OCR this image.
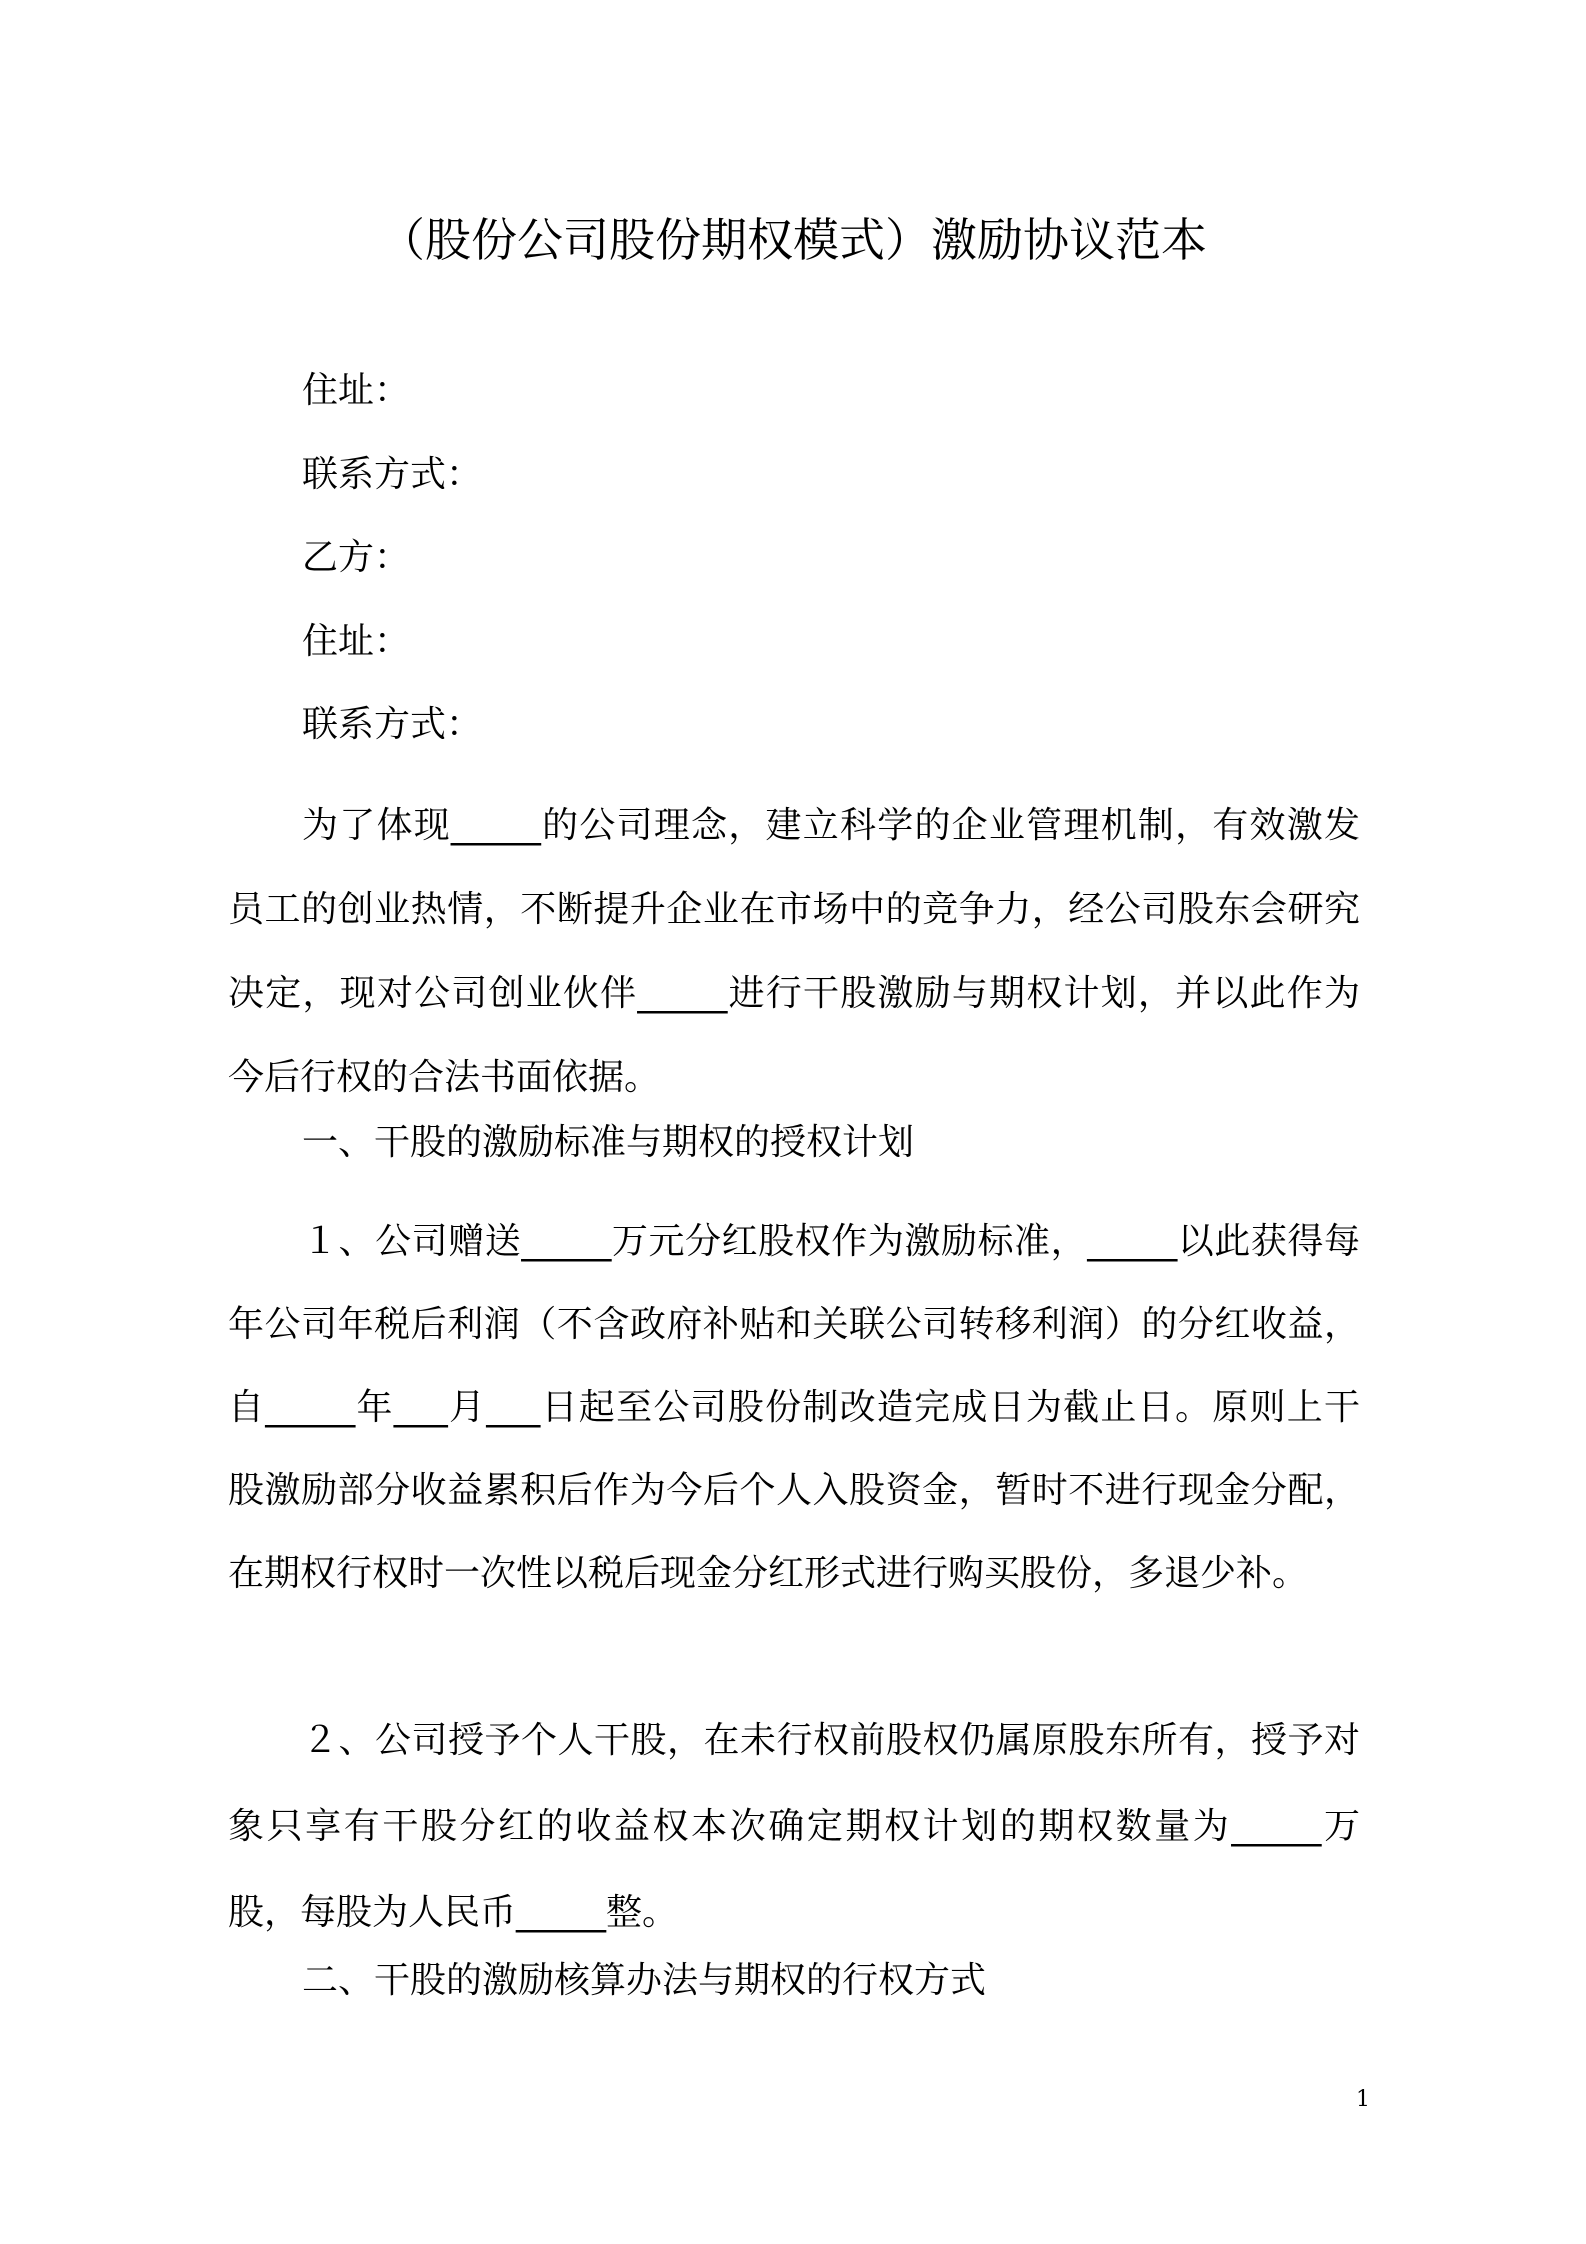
（股份公司股份期权模式）激励协议范本
住址：
联系方式：
乙方：
住址：
联系方式：

为了体现_____的公司理念，建立科学的企业管理机制，有效激发员工的创业热情，不断提升企业在市场中的竞争力，经公司股东会研究决定，现对公司创业伙伴_____进行干股激励与期权计划，并以此作为今后行权的合法书面依据。

一、干股的激励标准与期权的授权计划

１、公司赠送_____万元分红股权作为激励标准，_____以此获得每年公司年税后利润（不含政府补贴和关联公司转移利润）的分红收益，自_____年___月___日起至公司股份制改造完成日为截止日。原则上干股激励部分收益累积后作为今后个人入股资金，暂时不进行现金分配，在期权行权时一次性以税后现金分红形式进行购买股份，多退少补。

２、公司授予个人干股，在未行权前股权仍属原股东所有，授予对象只享有干股分红的收益权本次确定期权计划的期权数量为_____万股，每股为人民币_____整。

二、干股的激励核算办法与期权的行权方式
1
